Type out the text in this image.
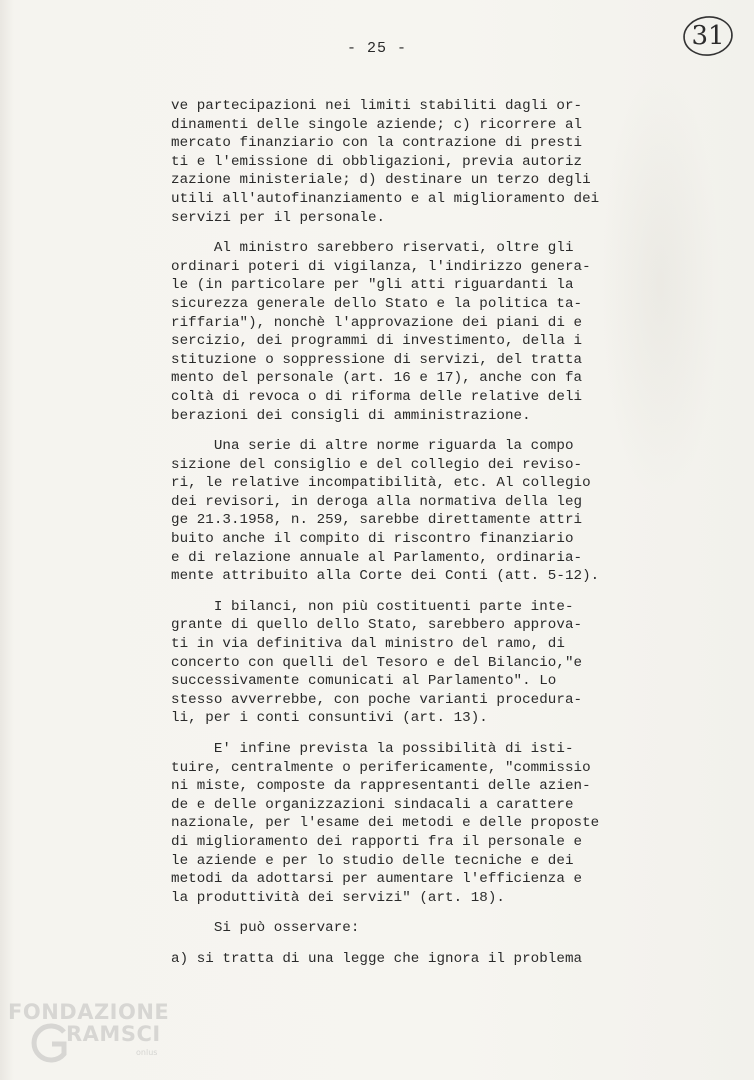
- 25 -	31
ve partecipazioni nei limiti stabiliti dagli or-
dinamenti delle singole aziende; c) ricorrere al
mercato finanziario con la contrazione di presti
ti e l'emissione di obbligazioni, previa autoriz
zazione ministeriale; d) destinare un terzo degli
utili all'autofinanziamento e al miglioramento dei
servizi per il personale.
Al ministro sarebbero riservati, oltre gli
ordinari poteri di vigilanza, l'indirizzo genera-
le (in particolare per "gli atti riguardanti la
sicurezza generale dello Stato e la politica ta-
riffaria"), nonchè l'approvazione dei piani di e
sercizio, dei programmi di investimento, della i
stituzione o soppressione di servizi, del tratta
mento del personale (art. 16 e 17), anche con fa
coltà di revoca o di riforma delle relative deli
berazioni dei consigli di amministrazione.
Una serie di altre norme riguarda la compo
sizione del consiglio e del collegio dei reviso-
ri, le relative incompatibilità, etc. Al collegio
dei revisori, in deroga alla normativa della leg
ge 21.3.1958, n. 259, sarebbe direttamente attri
buito anche il compito di riscontro finanziario
e di relazione annuale al Parlamento, ordinaria-
mente attribuito alla Corte dei Conti (att. 5-12).
I bilanci, non più costituenti parte inte-
grante di quello dello Stato, sarebbero approva-
ti in via definitiva dal ministro del ramo, di
concerto con quelli del Tesoro e del Bilancio,"e
successivamente comunicati al Parlamento". Lo
stesso avverrebbe, con poche varianti procedura-
li, per i conti consuntivi (art. 13).
E' infine prevista la possibilità di isti-
tuire, centralmente o perifericamente, "commissio
ni miste, composte da rappresentanti delle azien-
de e delle organizzazioni sindacali a carattere
nazionale, per l'esame dei metodi e delle proposte
di miglioramento dei rapporti fra il personale e
le aziende e per lo studio delle tecniche e dei
metodi da adottarsi per aumentare l'efficienza e
la produttività dei servizi" (art. 18).
Si può osservare:
a) si tratta di una legge che ignora il problema
FONDAZIONE
RAMSCI
onlus
